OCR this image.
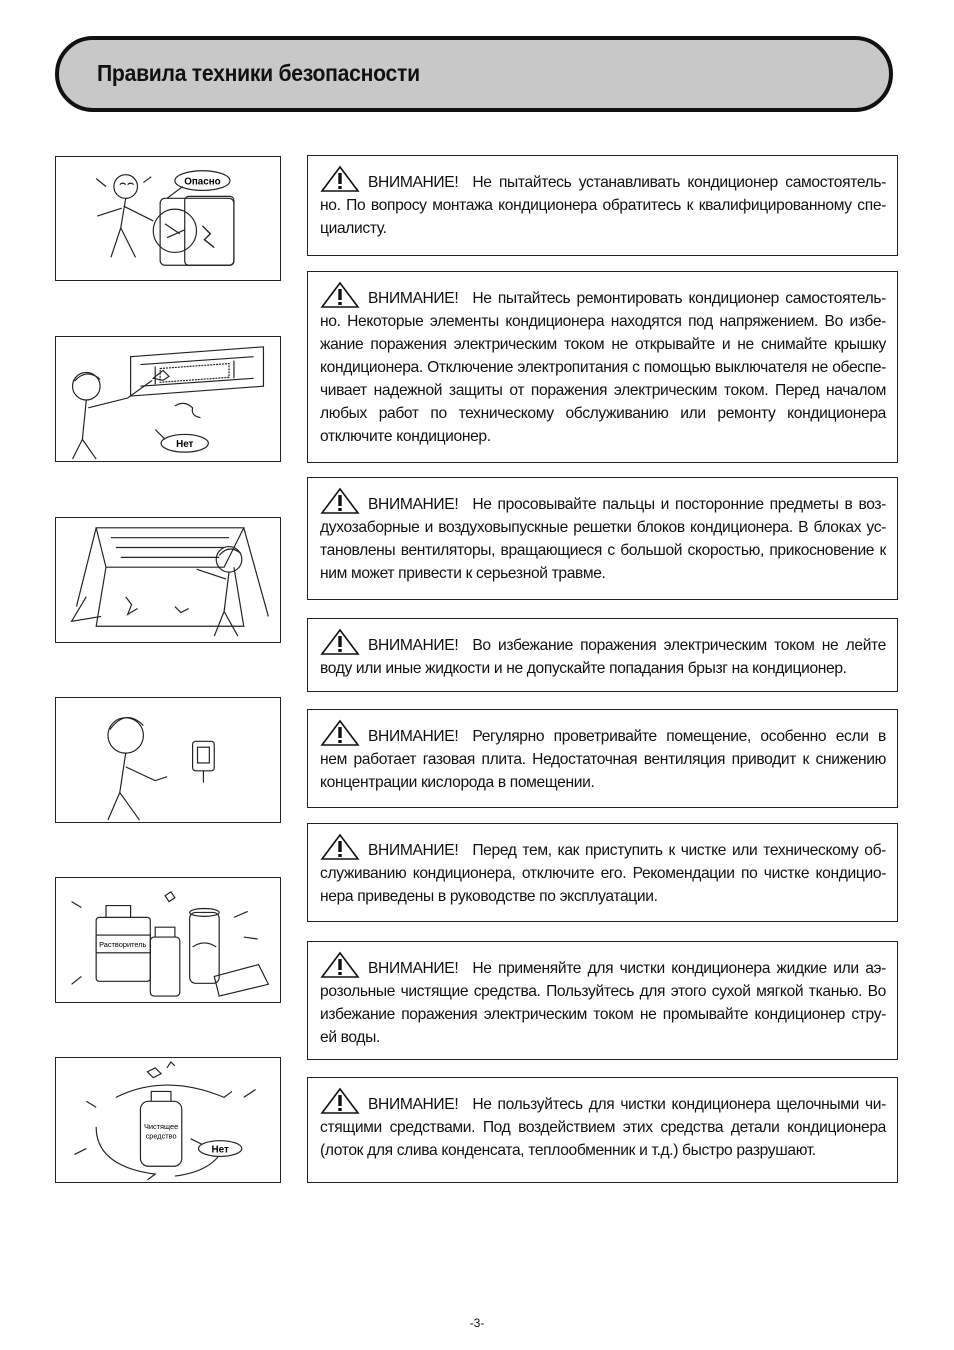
Правила техники безопасности
Опасно
Нет
Растворитель
Чистящее средство
Нет

ВНИМАНИЕ! Не пытайтесь устанавливать кондиционер самостоятель-но. По вопросу монтажа кондиционера обратитесь к квалифицированному спе-циалисту.

ВНИМАНИЕ! Не пытайтесь ремонтировать кондиционер самостоятель-но. Некоторые элементы кондиционера находятся под напряжением. Во избе-жание поражения электрическим током не открывайте и не снимайте крышку кондиционера. Отключение электропитания с помощью выключателя не обеспе-чивает надежной защиты от поражения электрическим током. Перед началом любых работ по техническому обслуживанию или ремонту кондиционера отключите кондиционер.

ВНИМАНИЕ! Не просовывайте пальцы и посторонние предметы в воз-духозаборные и воздуховыпускные решетки блоков кондиционера. В блоках ус-тановлены вентиляторы, вращающиеся с большой скоростью, прикосновение к ним может привести к серьезной травме.

ВНИМАНИЕ! Во избежание поражения электрическим током не лейте воду или иные жидкости и не допускайте попадания брызг на кондиционер.

ВНИМАНИЕ! Регулярно проветривайте помещение, особенно если в нем работает газовая плита. Недостаточная вентиляция приводит к снижению концентрации кислорода в помещении.

ВНИМАНИЕ! Перед тем, как приступить к чистке или техническому об-служиванию кондиционера, отключите его. Рекомендации по чистке кондицио-нера приведены в руководстве по эксплуатации.

ВНИМАНИЕ! Не применяйте для чистки кондиционера жидкие или аэ-розольные чистящие средства. Пользуйтесь для этого сухой мягкой тканью. Во избежание поражения электрическим током не промывайте кондиционер стру-ей воды.

ВНИМАНИЕ! Не пользуйтесь для чистки кондиционера щелочными чи-стящими средствами. Под воздействием этих средства детали кондиционера (лоток для слива конденсата, теплообменник и т.д.) быстро разрушают.

-3-
